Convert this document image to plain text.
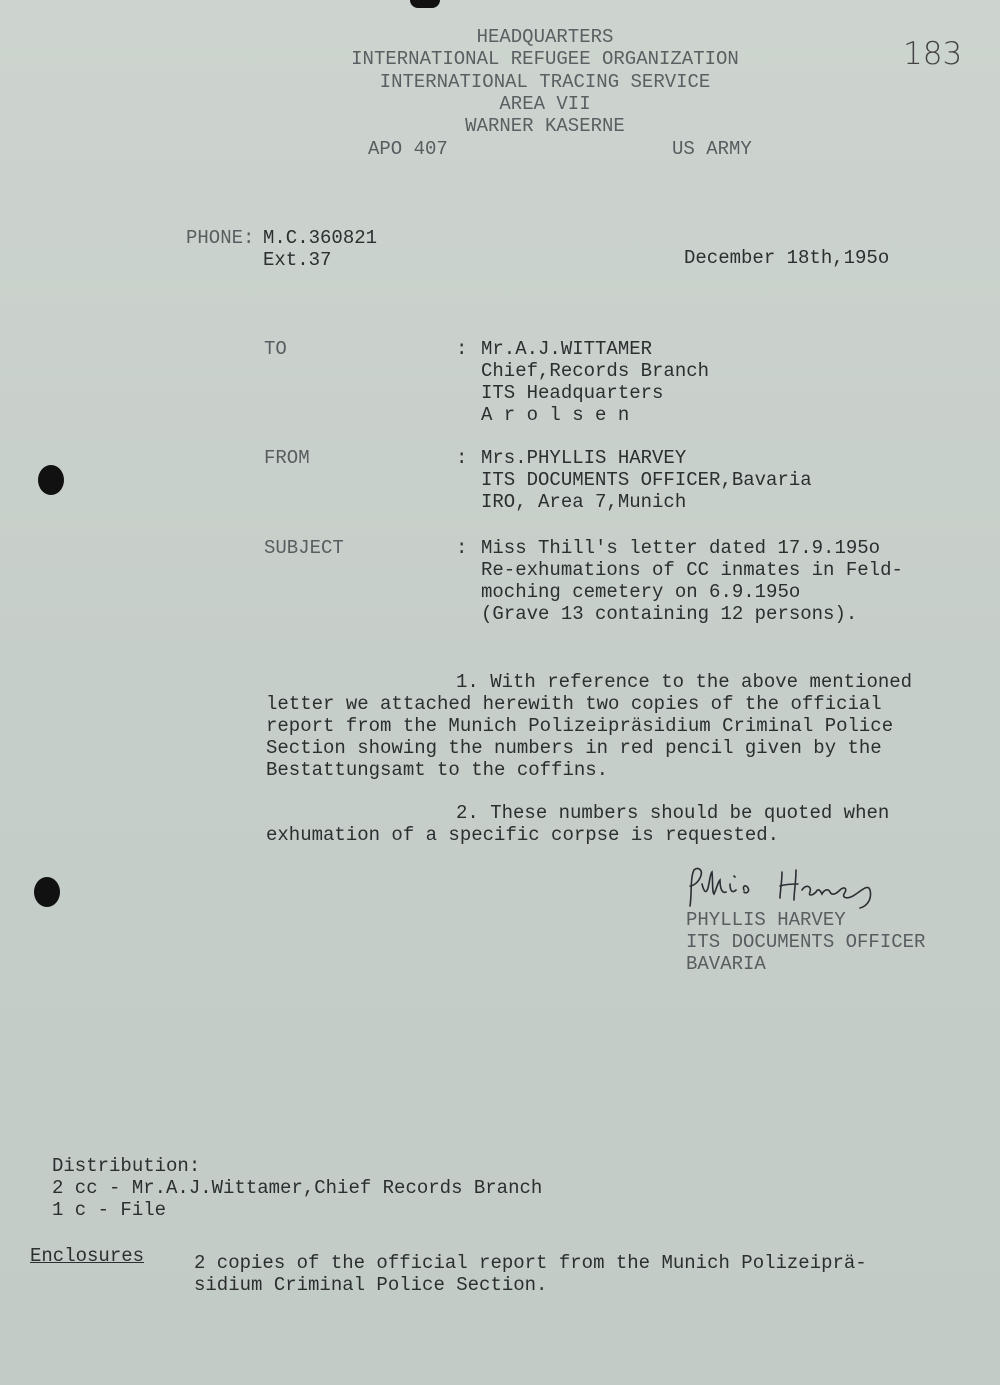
183
HEADQUARTERS
INTERNATIONAL REFUGEE ORGANIZATION
INTERNATIONAL TRACING SERVICE
AREA VII
WARNER KASERNE
APO 407	US ARMY
PHONE: M.C.360821
Ext.37	December 18th,195o
TO	: Mr.A.J.WITTAMER
Chief,Records Branch
ITS Headquarters
A r o l s e n
FROM	: Mrs.PHYLLIS HARVEY
ITS DOCUMENTS OFFICER,Bavaria
IRO, Area 7,Munich
SUBJECT	: Miss Thill's letter dated 17.9.195o
Re-exhumations of CC inmates in Feld-
moching cemetery on 6.9.195o
(Grave 13 containing 12 persons).
1. With reference to the above mentioned
letter we attached herewith two copies of the official
report from the Munich Polizeipräsidium Criminal Police
Section showing the numbers in red pencil given by the
Bestattungsamt to the coffins.
2. These numbers should be quoted when
exhumation of a specific corpse is requested.
PHYLLIS HARVEY
ITS DOCUMENTS OFFICER
BAVARIA
Distribution:
2 cc - Mr.A.J.Wittamer,Chief Records Branch
1 c - File
Enclosures	2 copies of the official report from the Munich Polizeiprä-
sidium Criminal Police Section.
